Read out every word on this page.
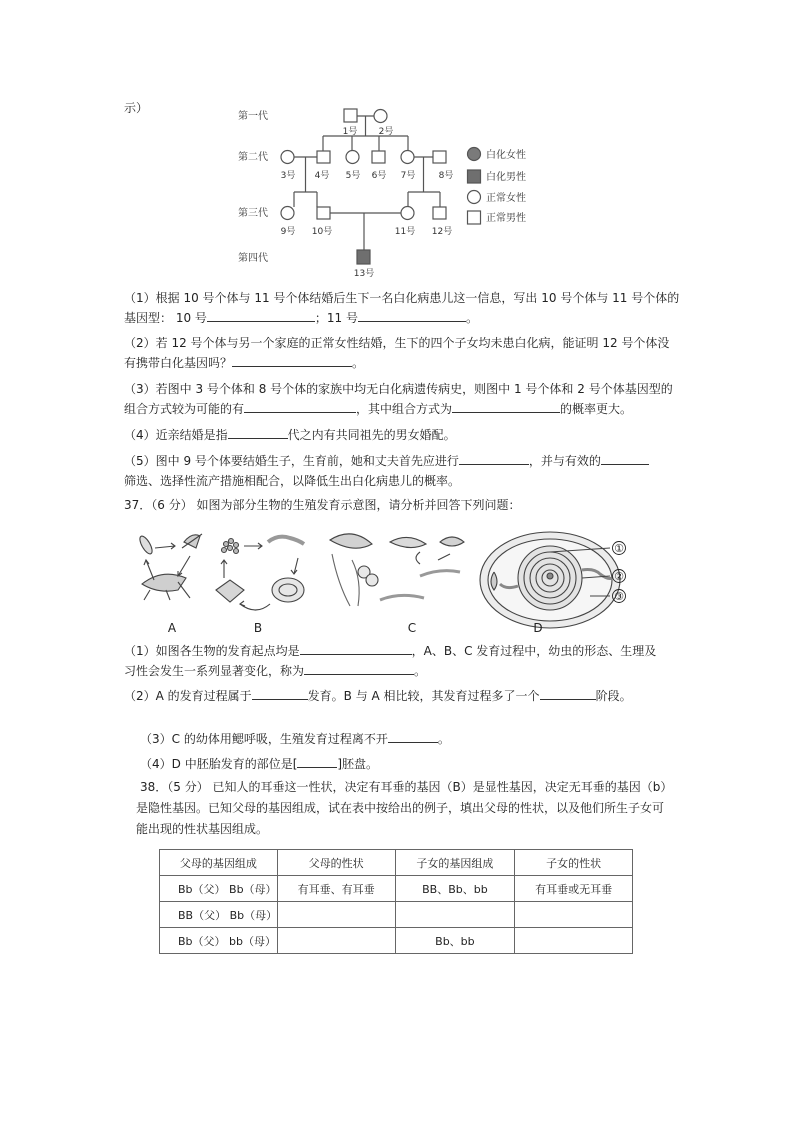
示）
第一代
第二代
第三代
第四代
1号 2号
3号 4号 5号 6号 7号	8号
9号 10号	11号 12号
13号
白化女性
白化男性
正常女性
正常男性
（1）根据 10 号个体与 11 号个体结婚后生下一名白化病患儿这一信息，写出 10 号个体与 11 号个体的
基因型： 10 号	；11 号	。
（2）若 12 号个体与另一个家庭的正常女性结婚，生下的四个子女均未患白化病，能证明 12 号个体没
有携带白化基因吗？	。
（3）若图中 3 号个体和 8 号个体的家族中均无白化病遗传病史，则图中 1 号个体和 2 号个体基因型的
组合方式较为可能的有	，其中组合方式为	的概率更大。
（4）近亲结婚是指	代之内有共同祖先的男女婚配。
（5）图中 9 号个体要结婚生子，生育前，她和丈夫首先应进行	，并与有效的
筛选、选择性流产措施相配合，以降低生出白化病患儿的概率。
37．（6 分） 如图为部分生物的生殖发育示意图，请分析并回答下列问题：
①
②
③
A	B	C	D
（1）如图各生物的发育起点均是	，A、B、C 发育过程中，幼虫的形态、生理及
习性会发生一系列显著变化，称为	。
（2）A 的发育过程属于	发育。B 与 A 相比较，其发育过程多了一个	阶段。
（3）C 的幼体用鳃呼吸，生殖发育过程离不开	。
（4）D 中胚胎发育的部位是[	]胚盘。
38．（5 分） 已知人的耳垂这一性状，决定有耳垂的基因（B）是显性基因，决定无耳垂的基因（b）
是隐性基因。已知父母的基因组成，试在表中按给出的例子，填出父母的性状，以及他们所生子女可
能出现的性状基因组成。
父母的基因组成	父母的性状	子女的基因组成	子女的性状
Bb（父） Bb（母）	有耳垂、有耳垂	BB、Bb、bb	有耳垂或无耳垂
BB（父） Bb（母）			
Bb（父） bb（母）		Bb、bb	
